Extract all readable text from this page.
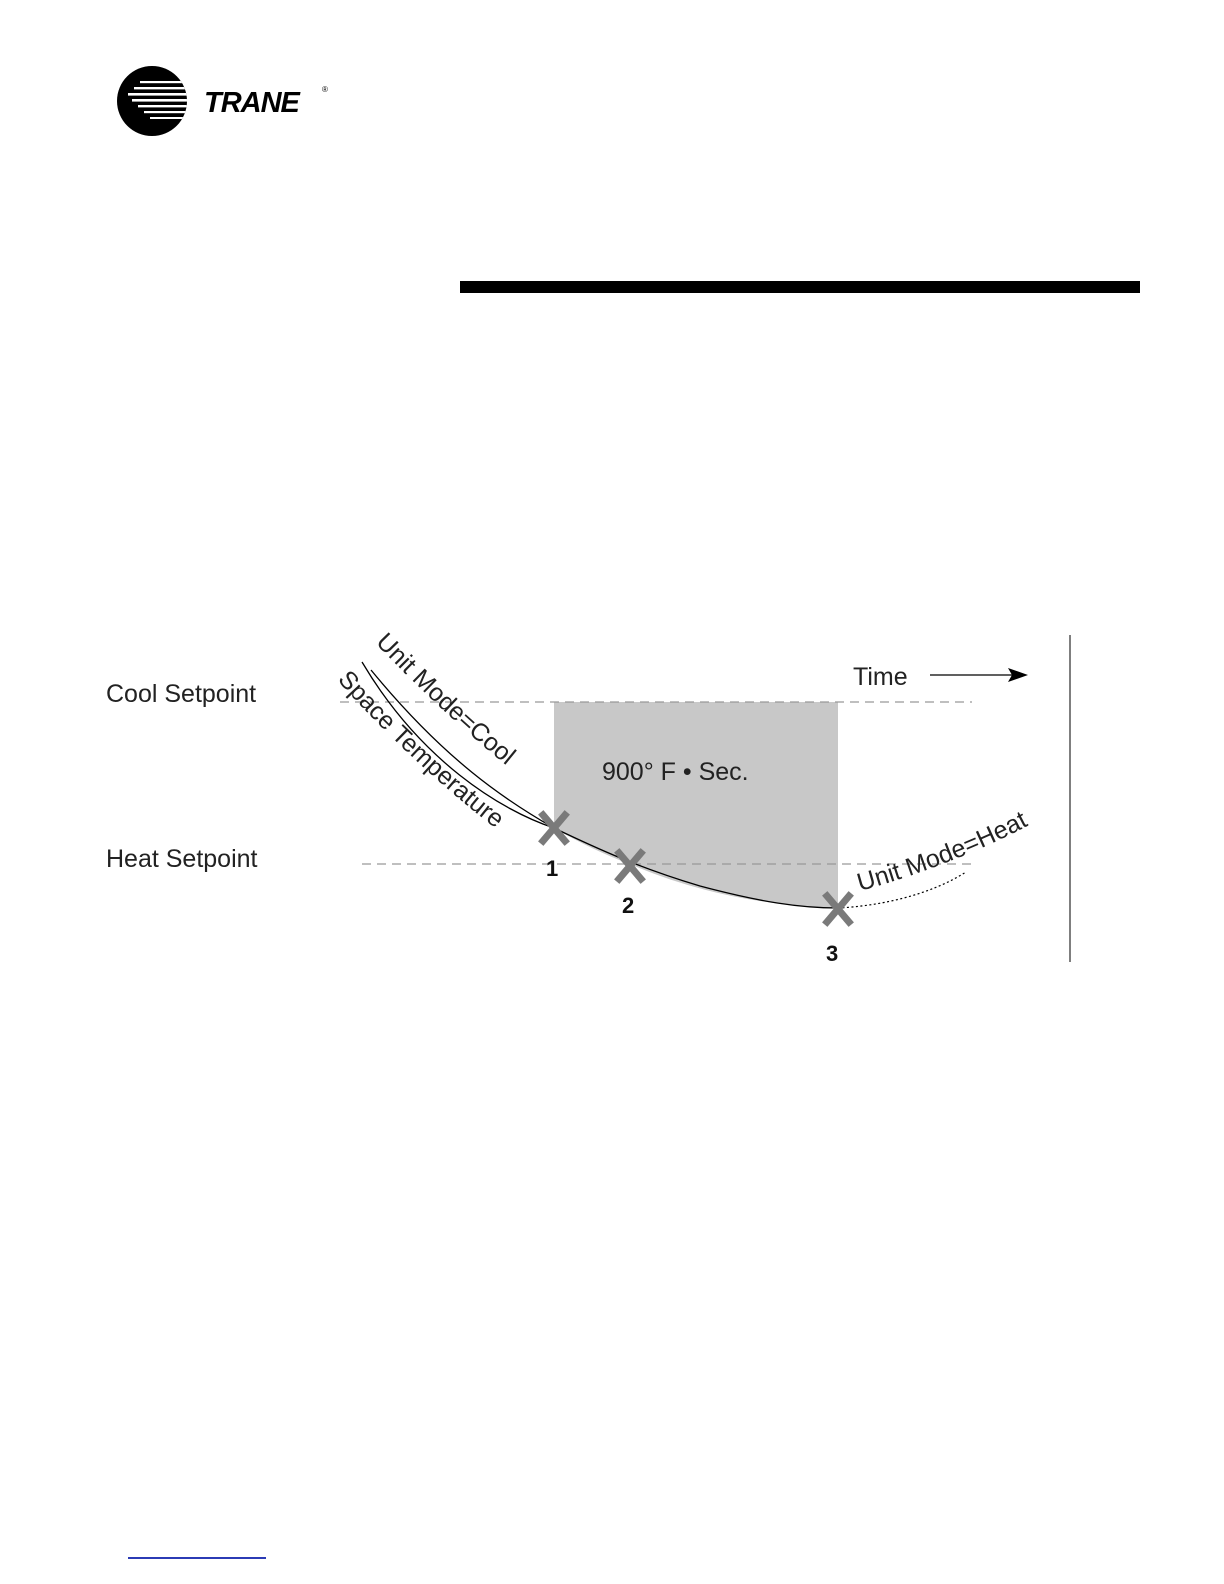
TRANE	®
Cool Setpoint
Heat Setpoint
Unit Mode=Cool
Space Temperature
Unit Mode=Heat
Time
900° F • Sec.
1
2
3
